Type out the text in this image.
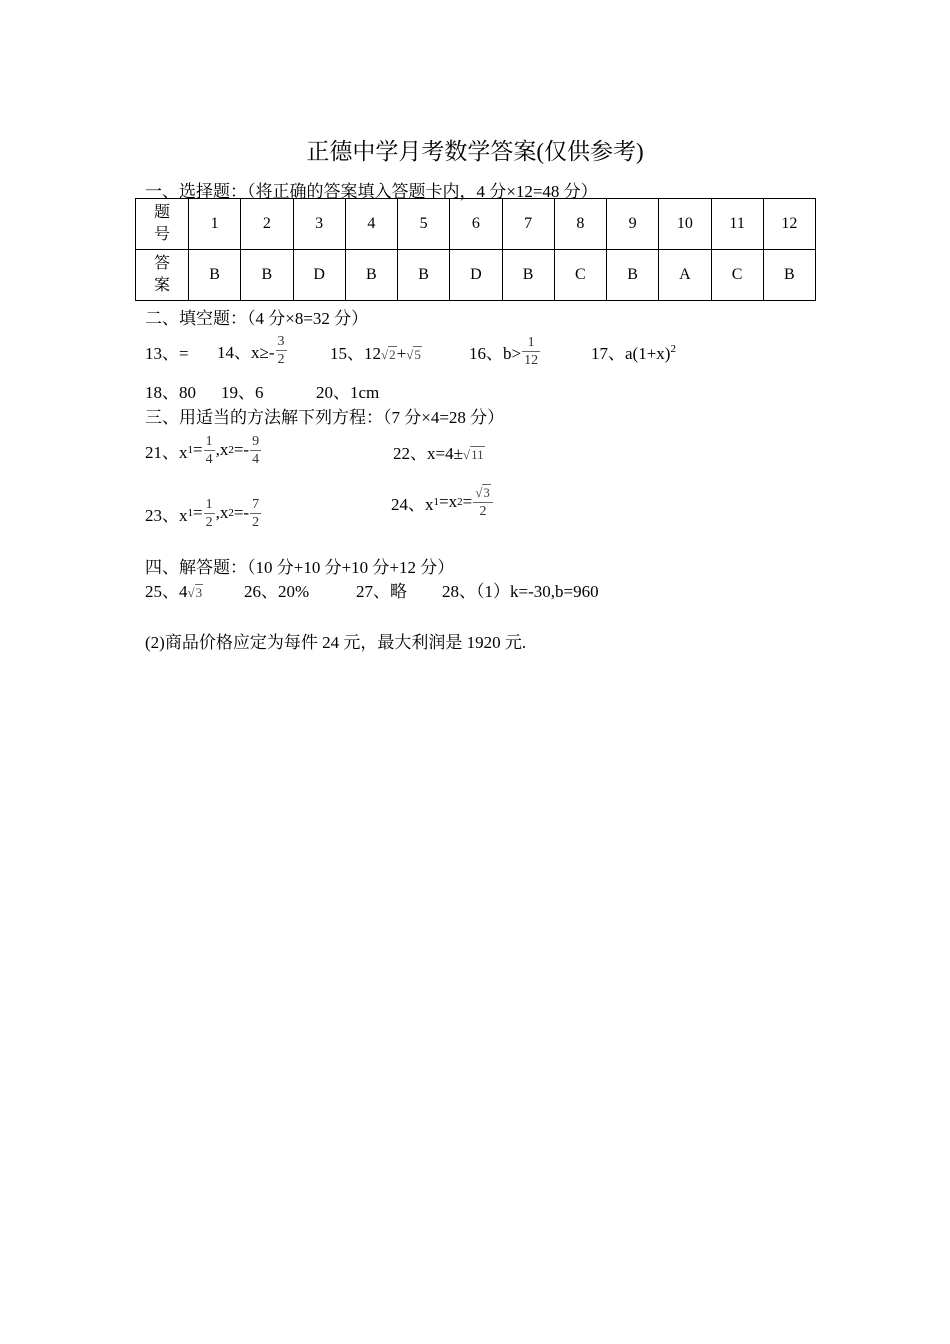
正德中学月考数学答案(仅供参考)
一、选择题：（将正确的答案填入答题卡内，4 分×12=48 分）
题
号	1	2	3	4	5	6	7	8	9	10	11	12

答
案	B	B	D	B	B	D	B	C	B	A	C	B
二、填空题：（4 分×8=32 分）
13、= 14、$x\ge- \frac{3}{2}$	15、12√2+√5	16、$b> \frac{1}{12}$	17、$a(1+x)^2$
18、80 19、6	20、1cm
三、用适当的方法解下列方程：（7 分×4=28 分）
21、x $1 = \frac{1}{4} ,x$ $2 =- \frac{9}{4}$	22、x=4±√11
23、x $1 = \frac{1}{2} ,x$ $2 =- \frac{7}{2}$	24、x 1 =x $2 = \frac{√3}{2}$
四、解答题：（10 分+10 分+10 分+12 分）
25、4√3 26、20%	27、略 28、（1）k=-30,b=960
(2)商品价格应定为每件 24 元，最大利润是 1920 元.
